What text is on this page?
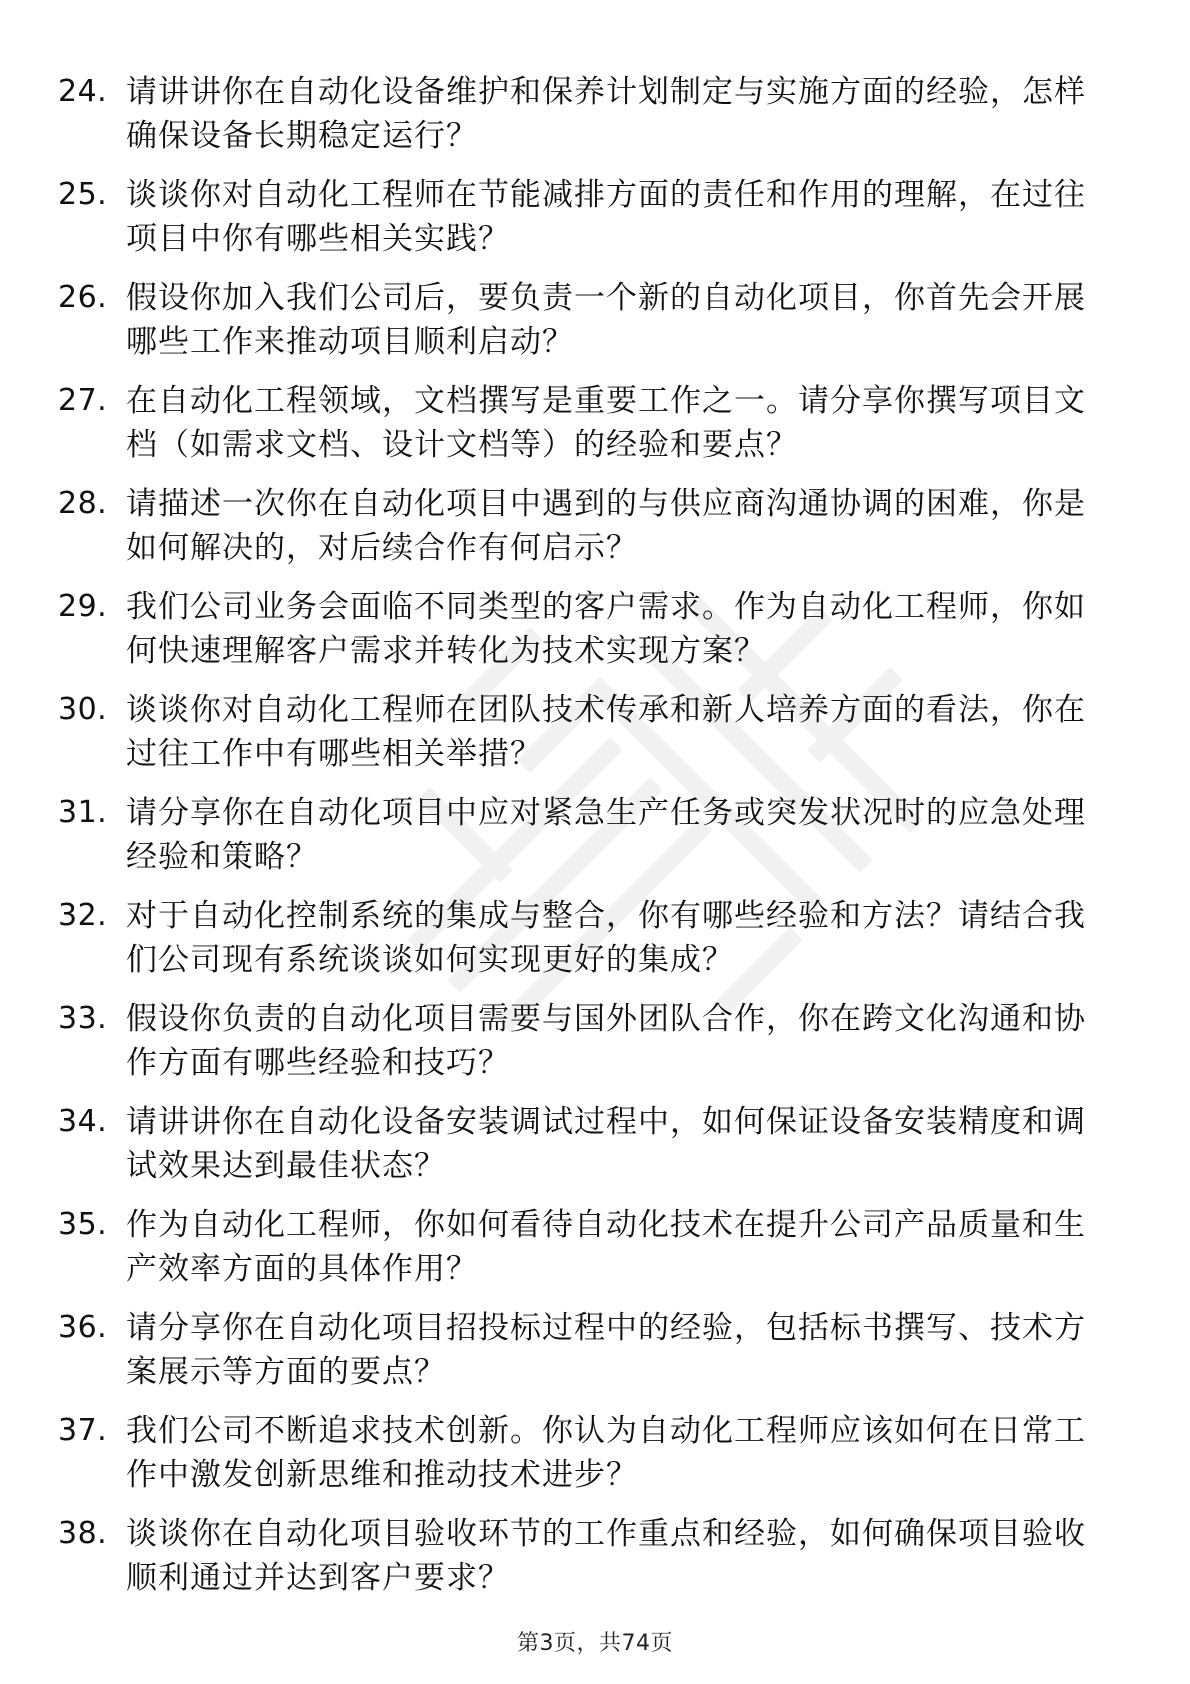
24. 请讲讲你在自动化设备维护和保养计划制定与实施方面的经验，怎样确保设备长期稳定运行？
25. 谈谈你对自动化工程师在节能减排方面的责任和作用的理解，在过往项目中你有哪些相关实践？
26. 假设你加入我们公司后，要负责一个新的自动化项目，你首先会开展哪些工作来推动项目顺利启动？
27. 在自动化工程领域，文档撰写是重要工作之一。请分享你撰写项目文档（如需求文档、设计文档等）的经验和要点？
28. 请描述一次你在自动化项目中遇到的与供应商沟通协调的困难，你是如何解决的，对后续合作有何启示？
29. 我们公司业务会面临不同类型的客户需求。作为自动化工程师，你如何快速理解客户需求并转化为技术实现方案？
30. 谈谈你对自动化工程师在团队技术传承和新人培养方面的看法，你在过往工作中有哪些相关举措？
31. 请分享你在自动化项目中应对紧急生产任务或突发状况时的应急处理经验和策略？
32. 对于自动化控制系统的集成与整合，你有哪些经验和方法？请结合我们公司现有系统谈谈如何实现更好的集成？
33. 假设你负责的自动化项目需要与国外团队合作，你在跨文化沟通和协作方面有哪些经验和技巧？
34. 请讲讲你在自动化设备安装调试过程中，如何保证设备安装精度和调试效果达到最佳状态？
35. 作为自动化工程师，你如何看待自动化技术在提升公司产品质量和生产效率方面的具体作用？
36. 请分享你在自动化项目招投标过程中的经验，包括标书撰写、技术方案展示等方面的要点？
37. 我们公司不断追求技术创新。你认为自动化工程师应该如何在日常工作中激发创新思维和推动技术进步？
38. 谈谈你在自动化项目验收环节的工作重点和经验，如何确保项目验收顺利通过并达到客户要求？
第3页，共74页
